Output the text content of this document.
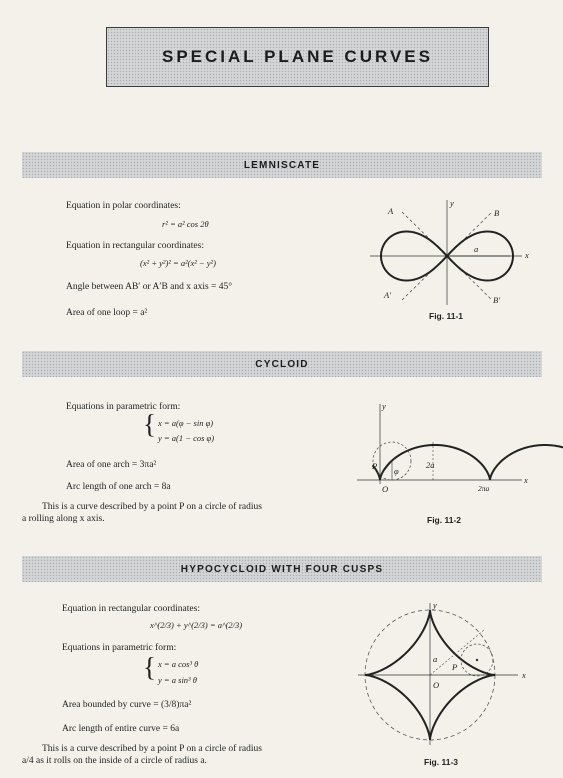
SPECIAL PLANE CURVES
LEMNISCATE
Equation in polar coordinates:
r² = a² cos 2θ
Equation in rectangular coordinates:
(x² + y²)² = a²(x² − y²)
Angle between AB′ or A′B and x axis = 45°
Area of one loop = a²
A	B
A′	B′
y
x
a
Fig. 11-1
CYCLOID
Equations in parametric form:
{ x = a(φ − sin φ)
y = a(1 − cos φ)
Area of one arch = 3πa²
Arc length of one arch = 8a
This is a curve described by a point P on a circle of radius
a rolling along x axis.
P φ
2a
y
x
O	2πa
Fig. 11-2
HYPOCYCLOID WITH FOUR CUSPS
Equation in rectangular coordinates:
x^(2/3) + y^(2/3) = a^(2/3)
Equations in parametric form:
{ x = a cos³ θ
y = a sin³ θ
Area bounded by curve = (3/8)πa²
Arc length of entire curve = 6a
This is a curve described by a point P on a circle of radius
a/4 as it rolls on the inside of a circle of radius a.
y
x
O
P
a
Fig. 11-3
